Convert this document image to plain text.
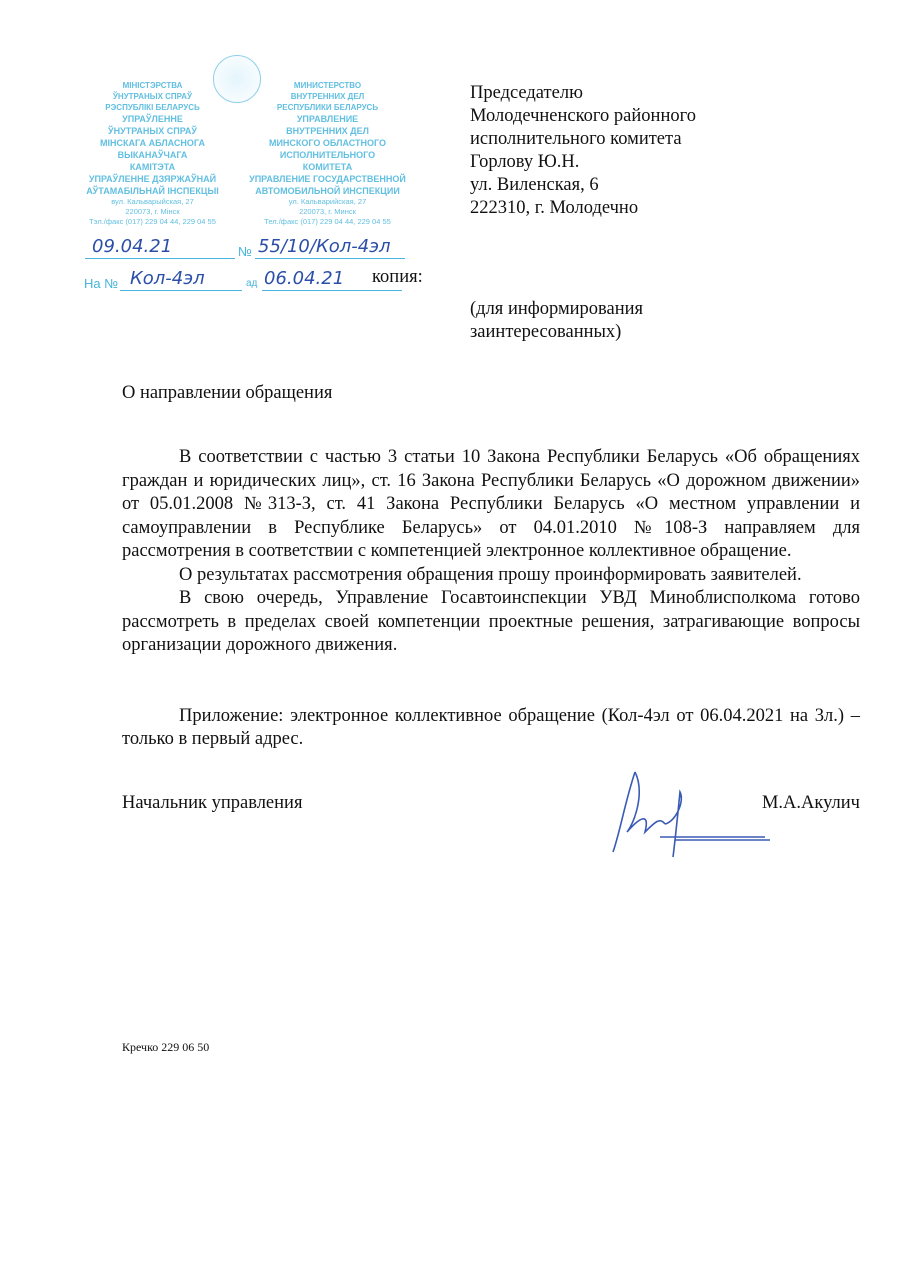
МІНІСТЭРСТВА
ЎНУТРАНЫХ СПРАЎ
РЭСПУБЛІКІ БЕЛАРУСЬ
УПРАЎЛЕННЕ
ЎНУТРАНЫХ СПРАЎ
МІНСКАГА АБЛАСНОГА
ВЫКАНАЎЧАГА
КАМІТЭТА
УПРАЎЛЕННЕ ДЗЯРЖАЎНАЙ
АЎТАМАБІЛЬНАЙ ІНСПЕКЦЫІ
вул. Кальварыйская, 27
220073, г. Мінск
Тэл./факс (017) 229 04 44, 229 04 55
МИНИСТЕРСТВО
ВНУТРЕННИХ ДЕЛ
РЕСПУБЛИКИ БЕЛАРУСЬ
УПРАВЛЕНИЕ
ВНУТРЕННИХ ДЕЛ
МИНСКОГО ОБЛАСТНОГО
ИСПОЛНИТЕЛЬНОГО
КОМИТЕТА
УПРАВЛЕНИЕ ГОСУДАРСТВЕННОЙ
АВТОМОБИЛЬНОЙ ИНСПЕКЦИИ
ул. Кальварийская, 27
220073, г. Минск
Тел./факс (017) 229 04 44, 229 04 55
09.04.21	№ 55/10/Кол-4эл
На № Кол-4эл	ад 06.04.21 копия:
Председателю
Молодечненского районного
исполнительного комитета
Горлову Ю.Н.
ул. Виленская, 6
222310, г. Молодечно
(для информирования
заинтересованных)
О направлении обращения

В соответствии с частью 3 статьи 10 Закона Республики Беларусь «Об обращениях граждан и юридических лиц», ст. 16 Закона Республики Беларусь «О дорожном движении» от 05.01.2008 №313-З, ст. 41 Закона Республики Беларусь «О местном управлении и самоуправлении в Республике Беларусь» от 04.01.2010 №108-З направляем для рассмотрения в соответствии с компетенцией электронное коллективное обращение.

О результатах рассмотрения обращения прошу проинформировать заявителей.

В свою очередь, Управление Госавтоинспекции УВД Миноблисполкома готово рассмотреть в пределах своей компетенции проектные решения, затрагивающие вопросы организации дорожного движения.

Приложение: электронное коллективное обращение (Кол-4эл от 06.04.2021 на 3л.) – только в первый адрес.

Начальник управления	М.А.Акулич
Кречко 229 06 50
